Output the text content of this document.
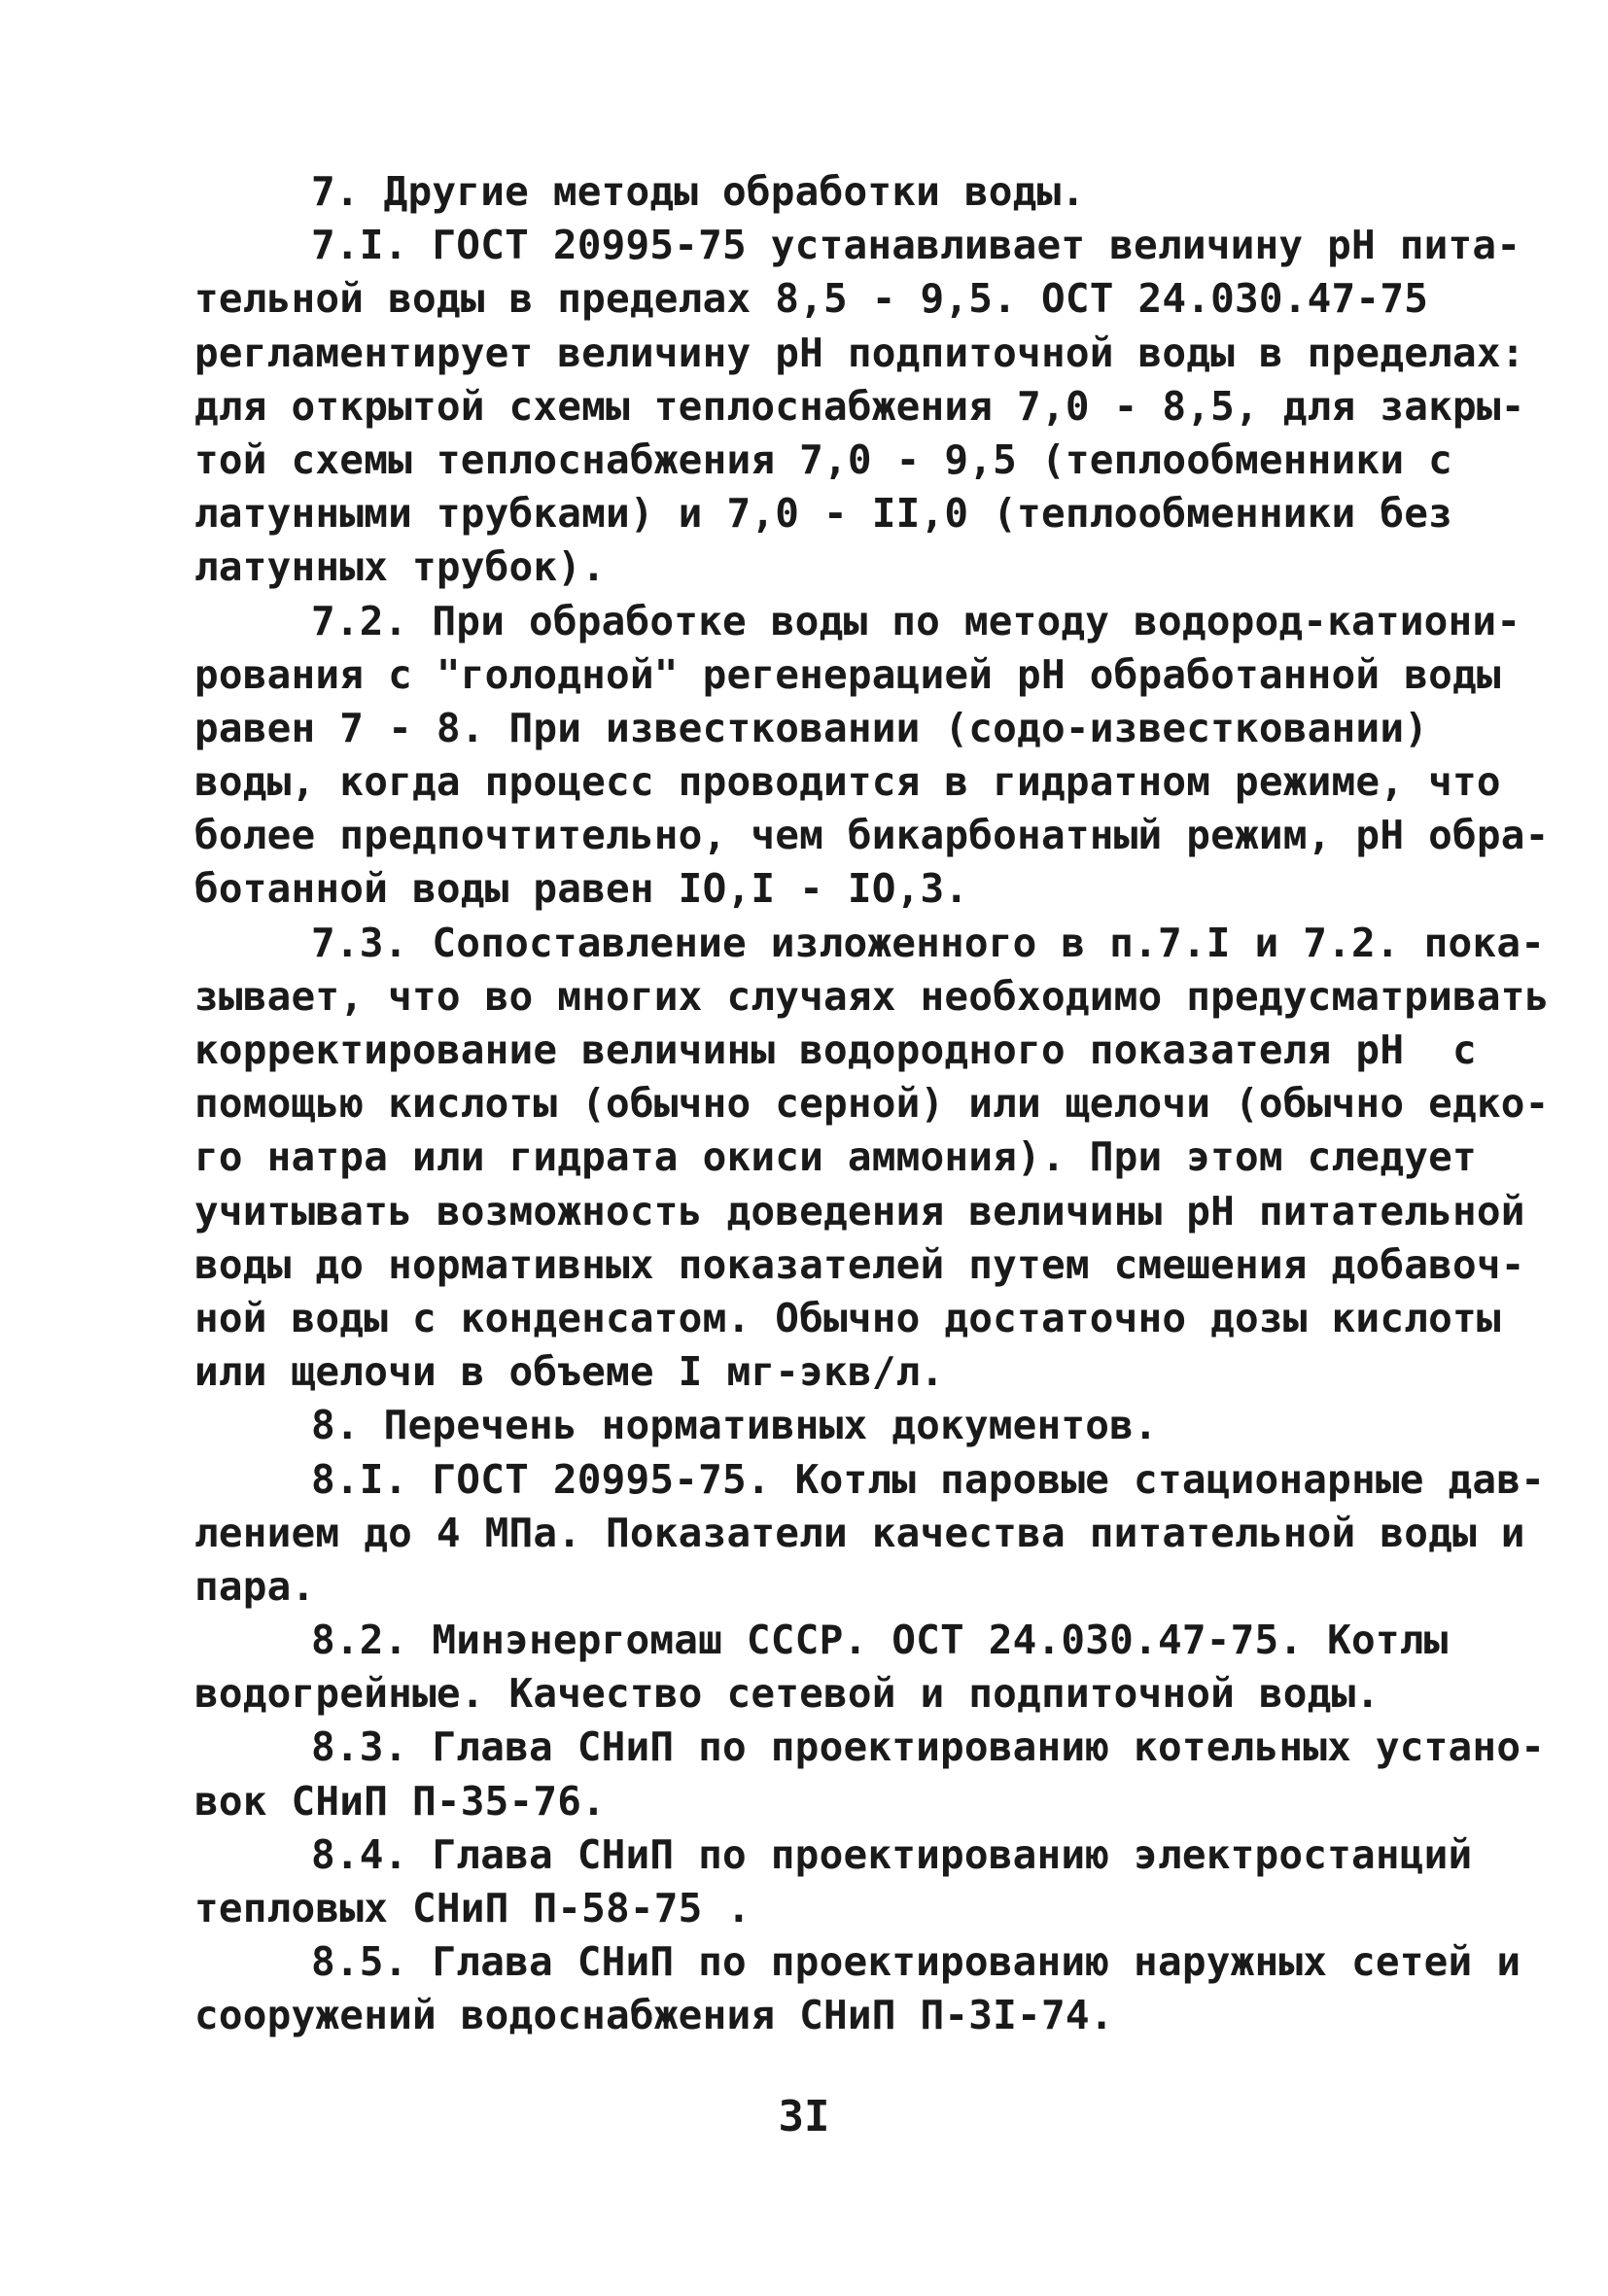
7. Другие методы обработки воды.
7.I. ГОСТ 20995-75 устанавливает величину рН пита-
тельной воды в пределах 8,5 - 9,5. ОСТ 24.030.47-75
регламентирует величину рН подпиточной воды в пределах:
для открытой схемы теплоснабжения 7,0 - 8,5, для закры-
той схемы теплоснабжения 7,0 - 9,5 (теплообменники с
латунными трубками) и 7,0 - II,0 (теплообменники без
латунных трубок).
7.2. При обработке воды по методу водород-катиони-
рования с "голодной" регенерацией рН обработанной воды
равен 7 - 8. При известковании (содо-известковании)
воды, когда процесс проводится в гидратном режиме, что
более предпочтительно, чем бикарбонатный режим, рН обра-
ботанной воды равен IO,I - IO,3.
7.3. Сопоставление изложенного в п.7.I и 7.2. пока-
зывает, что во многих случаях необходимо предусматривать
корректирование величины водородного показателя рН  с
помощью кислоты (обычно серной) или щелочи (обычно едко-
го натра или гидрата окиси аммония). При этом следует
учитывать возможность доведения величины рН питательной
воды до нормативных показателей путем смешения добавоч-
ной воды с конденсатом. Обычно достаточно дозы кислоты
или щелочи в объеме I мг-экв/л.
8. Перечень нормативных документов.
8.I. ГОСТ 20995-75. Котлы паровые стационарные дав-
лением до 4 МПа. Показатели качества питательной воды и
пара.
8.2. Минэнергомаш СССР. ОСТ 24.030.47-75. Котлы
водогрейные. Качество сетевой и подпиточной воды.
8.3. Глава СНиП по проектированию котельных устано-
вок СНиП П-35-76.
8.4. Глава СНиП по проектированию электростанций
тепловых СНиП П-58-75 .
8.5. Глава СНиП по проектированию наружных сетей и
сооружений водоснабжения СНиП П-3I-74.
3I
